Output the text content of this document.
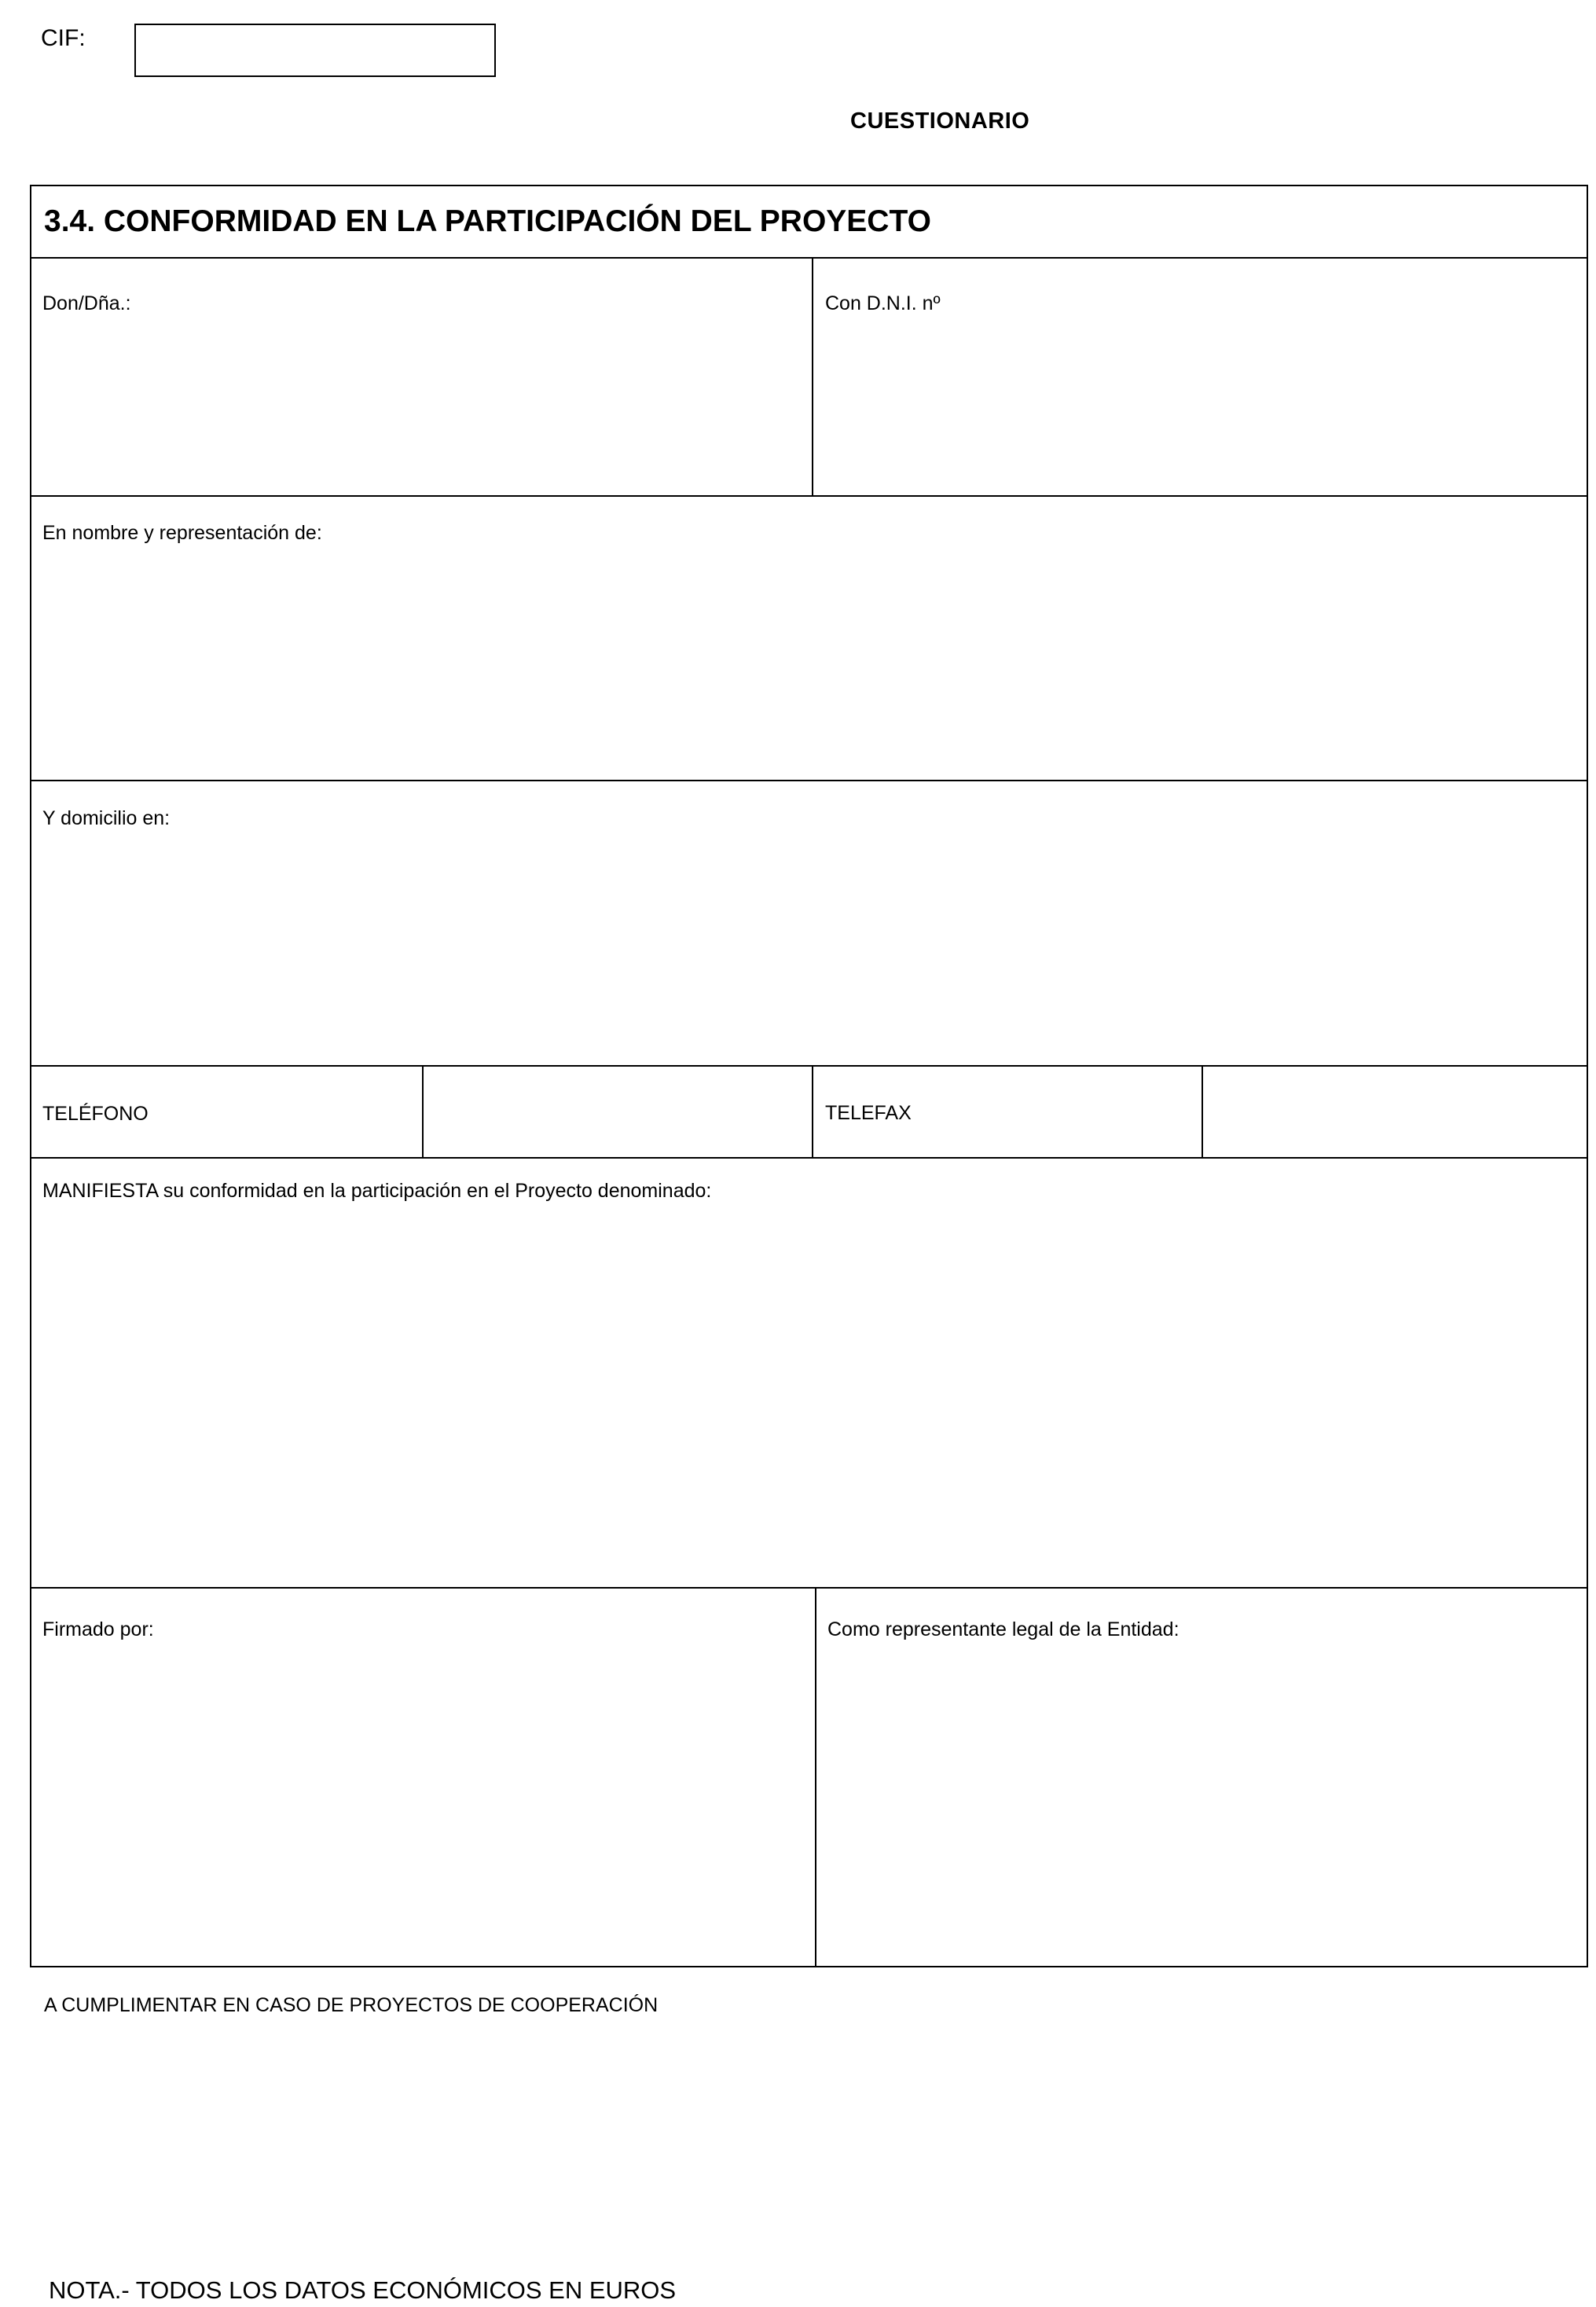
CIF:
CUESTIONARIO
3.4. CONFORMIDAD EN LA PARTICIPACIÓN DEL PROYECTO
Don/Dña.:	Con D.N.I. nº
En nombre y representación de:
Y domicilio en:
TELÉFONO	TELEFAX
MANIFIESTA su conformidad en la participación en el Proyecto denominado:
Firmado por:	Como representante legal de la Entidad:
A CUMPLIMENTAR EN CASO DE PROYECTOS DE COOPERACIÓN
NOTA.- TODOS LOS DATOS ECONÓMICOS EN EUROS
